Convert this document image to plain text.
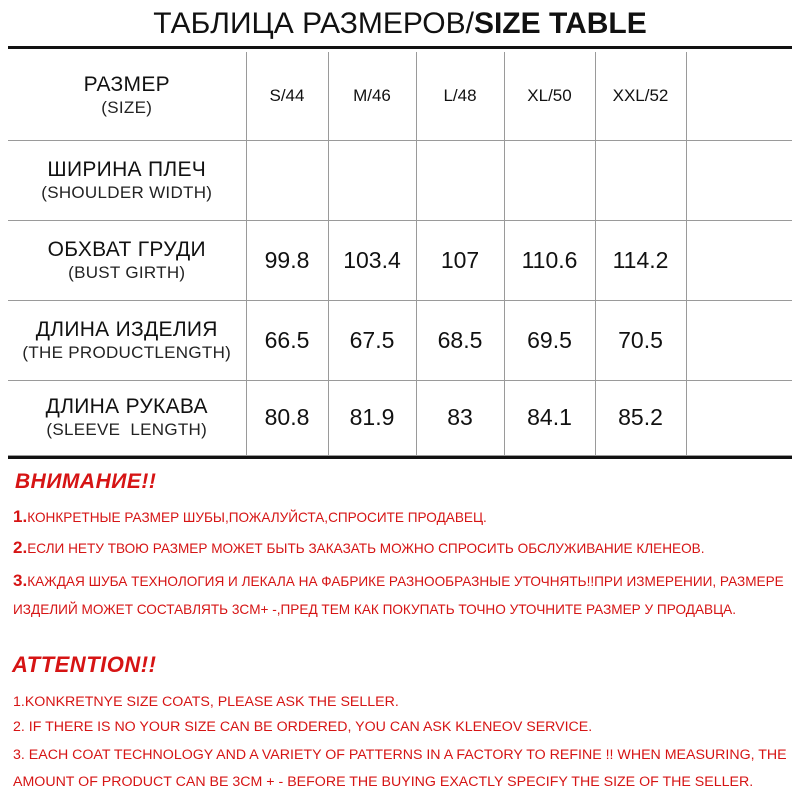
ТАБЛИЦА РАЗМЕРОВ/SIZE TABLE
РАЗМЕР
(SIZE)	S/44	M/46	L/48	XL/50	XXL/52	

ШИРИНА ПЛЕЧ
(SHOULDER WIDTH)						

ОБХВАТ ГРУДИ
(BUST GIRTH)	99.8	103.4	107	110.6	114.2	

ДЛИНА ИЗДЕЛИЯ
(THE PRODUCTLENGTH)	66.5	67.5	68.5	69.5	70.5	

ДЛИНА РУКАВА
(SLEEVE  LENGTH)	80.8	81.9	83	84.1	85.2	
ВНИМАНИЕ!!

1.КОНКРЕТНЫЕ РАЗМЕР ШУБЫ,ПОЖАЛУЙСТА,СПРОСИТЕ ПРОДАВЕЦ.

2.ЕСЛИ НЕТУ ТВОЮ РАЗМЕР МОЖЕТ БЫТЬ ЗАКАЗАТЬ МОЖНО СПРОСИТЬ ОБСЛУЖИВАНИЕ КЛЕНЕОВ.

3.КАЖДАЯ ШУБА ТЕХНОЛОГИЯ И ЛЕКАЛА НА ФАБРИКЕ РАЗНООБРАЗНЫЕ УТОЧНЯТЬ!!ПРИ ИЗМЕРЕНИИ, РАЗМЕРЕ ИЗДЕЛИЙ МОЖЕТ СОСТАВЛЯТЬ 3CM+ -,ПРЕД ТЕМ КАК ПОКУПАТЬ ТОЧНО УТОЧНИТЕ РАЗМЕР У ПРОДАВЦА.

ATTENTION!!

1.KONKRETNYE SIZE COATS, PLEASE ASK THE SELLER.

2. IF THERE IS NO YOUR SIZE CAN BE ORDERED, YOU CAN ASK KLENEOV SERVICE.

3. EACH COAT TECHNOLOGY AND A VARIETY OF PATTERNS IN A FACTORY TO REFINE !! WHEN MEASURING, THE AMOUNT OF PRODUCT CAN BE 3CM + - BEFORE THE BUYING EXACTLY SPECIFY THE SIZE OF THE SELLER.
